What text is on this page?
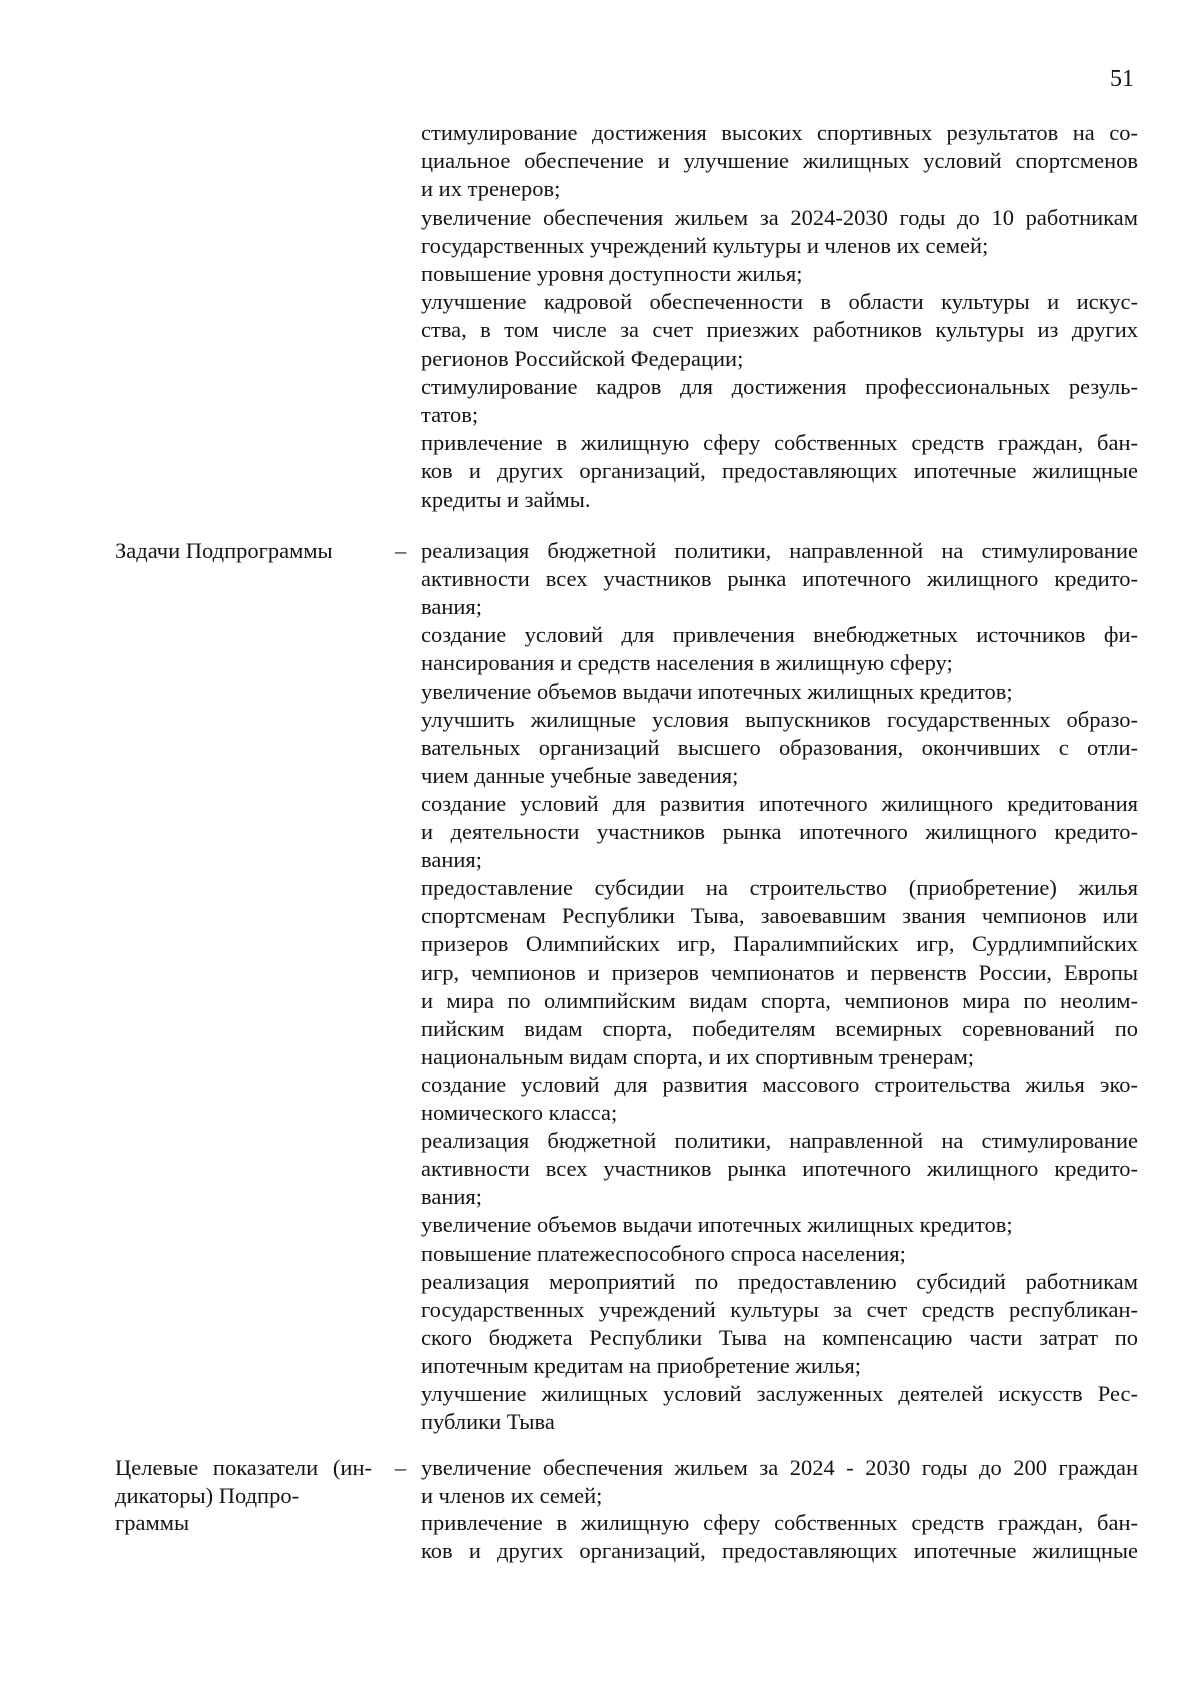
51
стимулирование достижения высоких спортивных результатов на со-
циальное обеспечение и улучшение жилищных условий спортсменов
и их тренеров;
увеличение обеспечения жильем за 2024-2030 годы до 10 работникам
государственных учреждений культуры и членов их семей;
повышение уровня доступности жилья;
улучшение кадровой обеспеченности в области культуры и искус-
ства, в том числе за счет приезжих работников культуры из других
регионов Российской Федерации;
стимулирование кадров для достижения профессиональных резуль-
татов;
привлечение в жилищную сферу собственных средств граждан, бан-
ков и других организаций, предоставляющих ипотечные жилищные
кредиты и займы.
Задачи Подпрограммы	– реализация бюджетной политики, направленной на стимулирование
активности всех участников рынка ипотечного жилищного кредито-
вания;
создание условий для привлечения внебюджетных источников фи-
нансирования и средств населения в жилищную сферу;
увеличение объемов выдачи ипотечных жилищных кредитов;
улучшить жилищные условия выпускников государственных образо-
вательных организаций высшего образования, окончивших с отли-
чием данные учебные заведения;
создание условий для развития ипотечного жилищного кредитования
и деятельности участников рынка ипотечного жилищного кредито-
вания;
предоставление субсидии на строительство (приобретение) жилья
спортсменам Республики Тыва, завоевавшим звания чемпионов или
призеров Олимпийских игр, Паралимпийских игр, Сурдлимпийских
игр, чемпионов и призеров чемпионатов и первенств России, Европы
и мира по олимпийским видам спорта, чемпионов мира по неолим-
пийским видам спорта, победителям всемирных соревнований по
национальным видам спорта, и их спортивным тренерам;
создание условий для развития массового строительства жилья эко-
номического класса;
реализация бюджетной политики, направленной на стимулирование
активности всех участников рынка ипотечного жилищного кредито-
вания;
увеличение объемов выдачи ипотечных жилищных кредитов;
повышение платежеспособного спроса населения;
реализация мероприятий по предоставлению субсидий работникам
государственных учреждений культуры за счет средств республикан-
ского бюджета Республики Тыва на компенсацию части затрат по
ипотечным кредитам на приобретение жилья;
улучшение жилищных условий заслуженных деятелей искусств Рес-
публики Тыва
–
Целевые показатели (ин-
дикаторы) Подпро-
граммы
увеличение обеспечения жильем за 2024 - 2030 годы до 200 граждан
и членов их семей;
привлечение в жилищную сферу собственных средств граждан, бан-
ков и других организаций, предоставляющих ипотечные жилищные
